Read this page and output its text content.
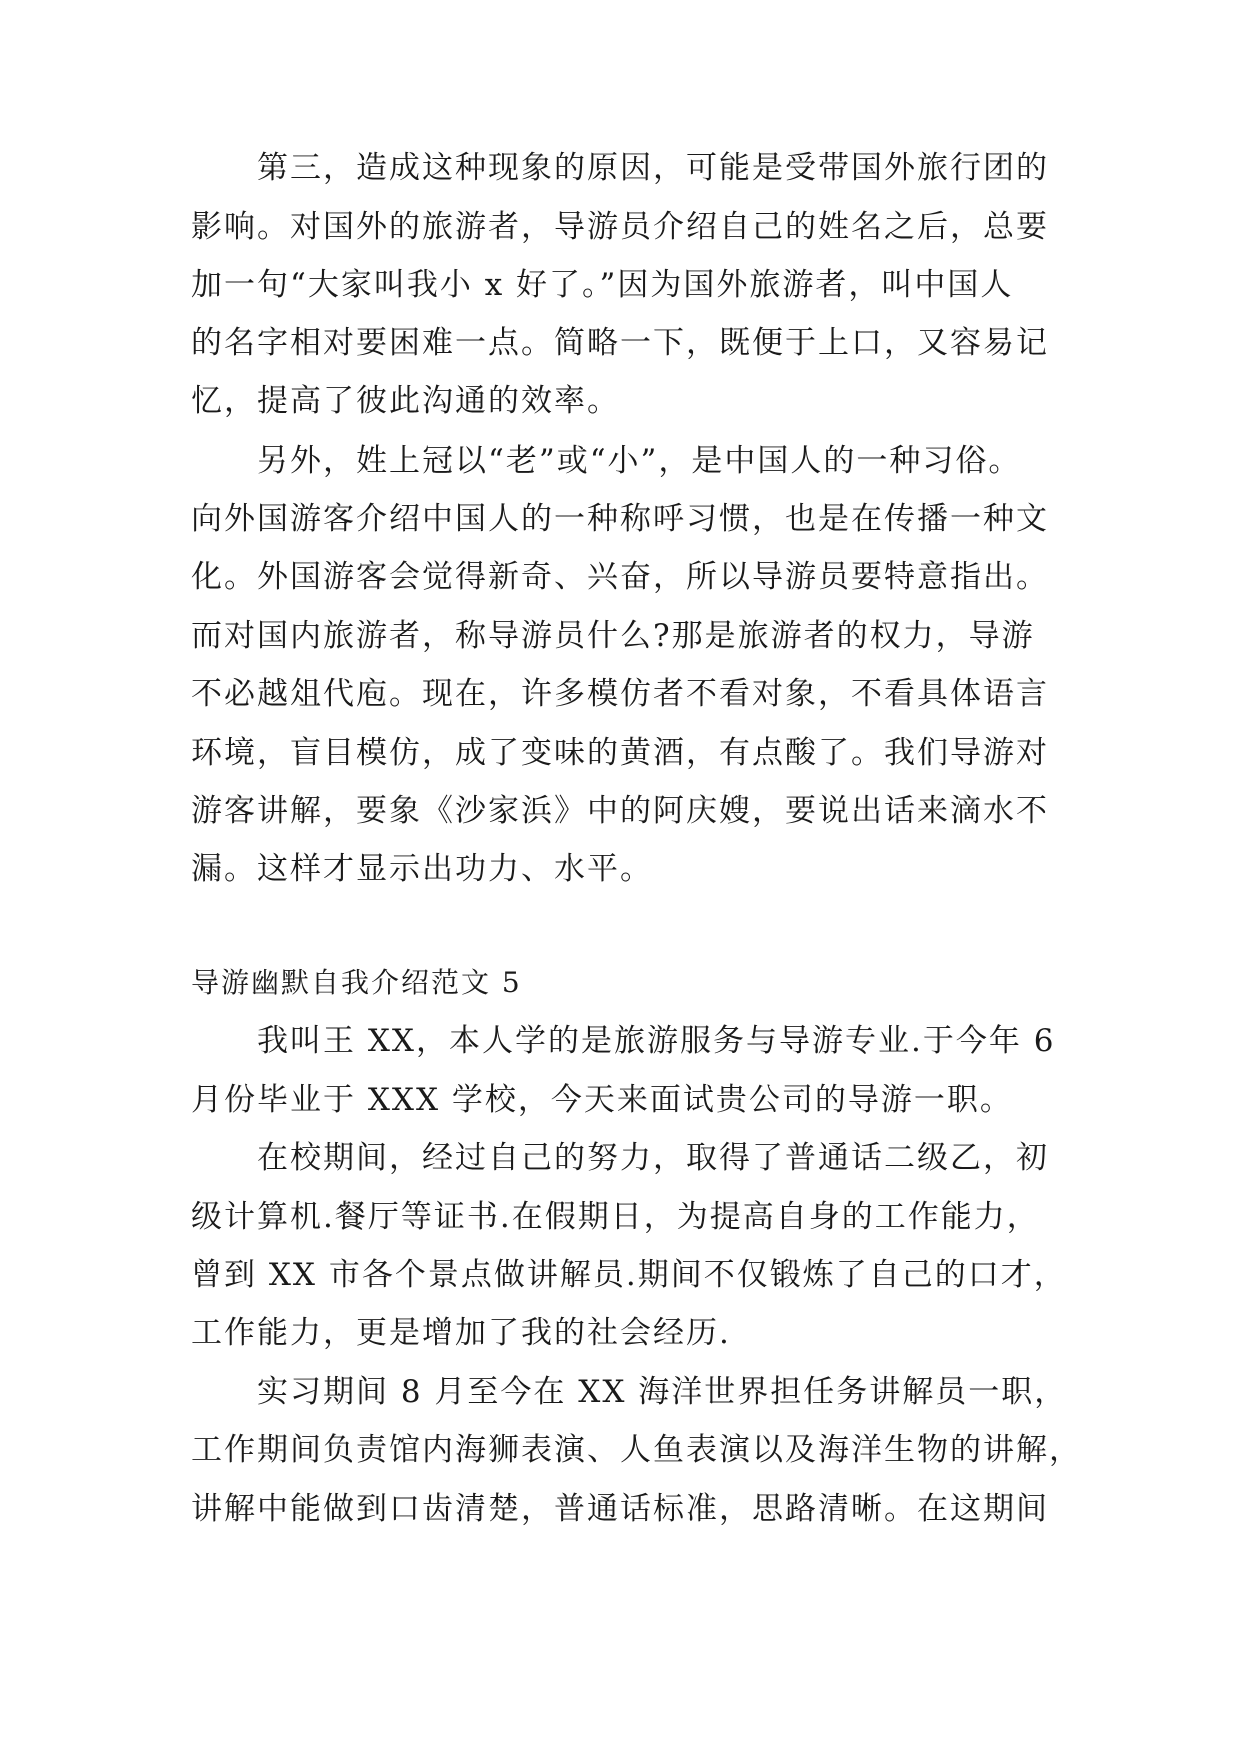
第三，造成这种现象的原因，可能是受带国外旅行团的
影响。对国外的旅游者，导游员介绍自己的姓名之后，总要
加一句“大家叫我小 x 好了。”因为国外旅游者，叫中国人
的名字相对要困难一点。简略一下，既便于上口，又容易记
忆，提高了彼此沟通的效率。
另外，姓上冠以“老”或“小”，是中国人的一种习俗。
向外国游客介绍中国人的一种称呼习惯，也是在传播一种文
化。外国游客会觉得新奇、兴奋，所以导游员要特意指出。
而对国内旅游者，称导游员什么?那是旅游者的权力，导游
不必越俎代庖。现在，许多模仿者不看对象，不看具体语言
环境，盲目模仿，成了变味的黄酒，有点酸了。我们导游对
游客讲解，要象《沙家浜》中的阿庆嫂，要说出话来滴水不
漏。这样才显示出功力、水平。
导游幽默自我介绍范文 5
我叫王 XX，本人学的是旅游服务与导游专业.于今年 6
月份毕业于 XXX 学校，今天来面试贵公司的导游一职。
在校期间，经过自己的努力，取得了普通话二级乙，初
级计算机.餐厅等证书.在假期日，为提高自身的工作能力，
曾到 XX 市各个景点做讲解员.期间不仅锻炼了自己的口才，
工作能力，更是增加了我的社会经历.
实习期间 8 月至今在 XX 海洋世界担任务讲解员一职，
工作期间负责馆内海狮表演、人鱼表演以及海洋生物的讲解，
讲解中能做到口齿清楚，普通话标准，思路清晰。在这期间
